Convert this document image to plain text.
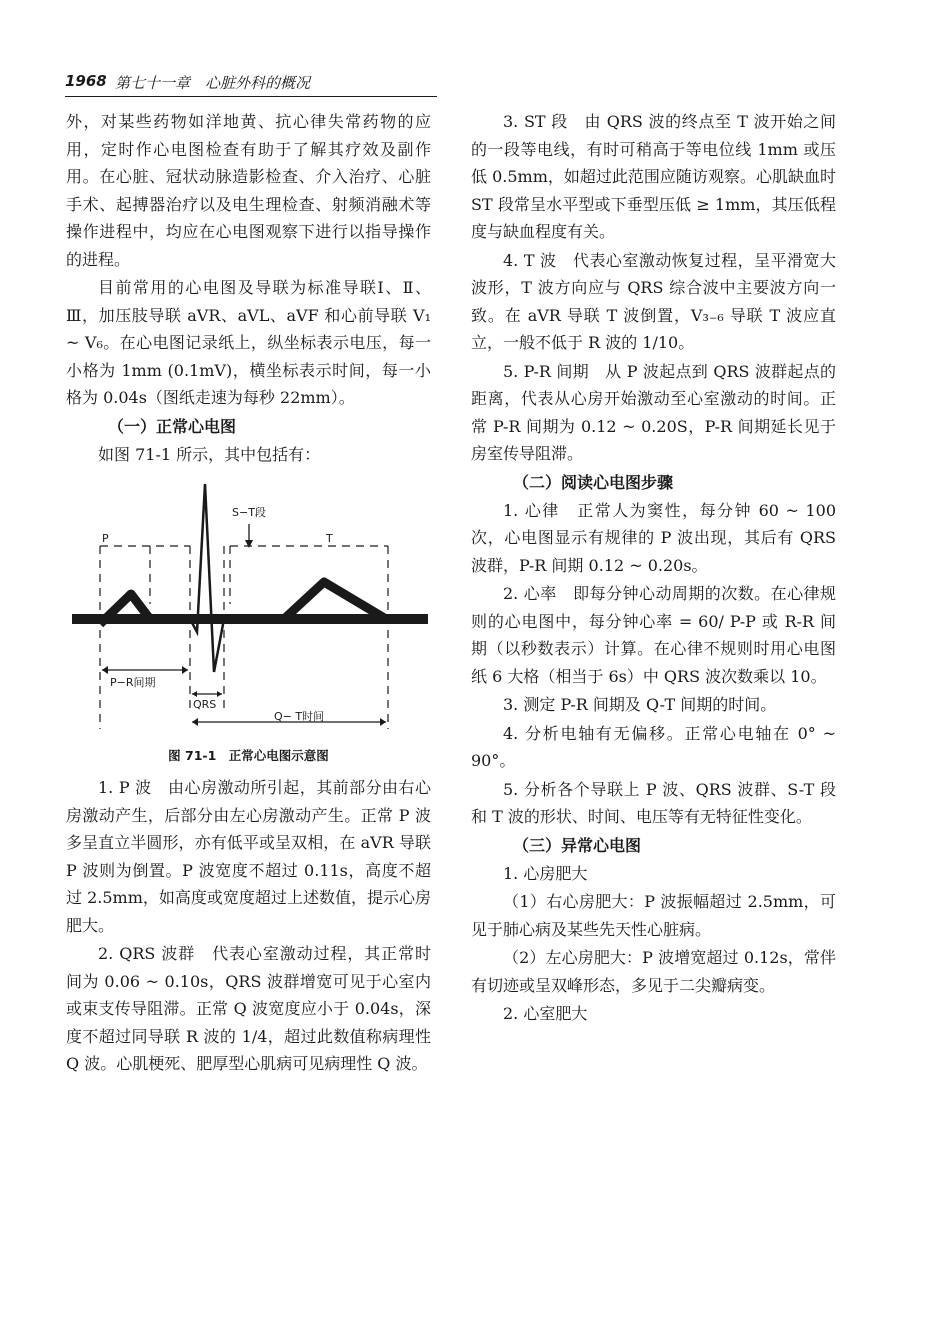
1968 第七十一章　心脏外科的概况

外，对某些药物如洋地黄、抗心律失常药物的应用，定时作心电图检查有助于了解其疗效及副作用。在心脏、冠状动脉造影检查、介入治疗、心脏手术、起搏器治疗以及电生理检查、射频消融术等操作进程中，均应在心电图观察下进行以指导操作的进程。

目前常用的心电图及导联为标准导联Ⅰ、Ⅱ、Ⅲ，加压肢导联 aVR、aVL、aVF 和心前导联 V₁ ~ V₆。在心电图记录纸上，纵坐标表示电压，每一小格为 1mm (0.1mV)，横坐标表示时间，每一小格为 0.04s（图纸走速为每秒 22mm）。

（一）正常心电图

如图 71-1 所示，其中包括有：

S−T段
P	T
P−R间期
QRS
Q− T时间
图 71-1　正常心电图示意图

1. P 波　由心房激动所引起，其前部分由右心房激动产生，后部分由左心房激动产生。正常 P 波多呈直立半圆形，亦有低平或呈双相，在 aVR 导联 P 波则为倒置。P 波宽度不超过 0.11s，高度不超过 2.5mm，如高度或宽度超过上述数值，提示心房肥大。

2. QRS 波群　代表心室激动过程，其正常时间为 0.06 ~ 0.10s，QRS 波群增宽可见于心室内或束支传导阻滞。正常 Q 波宽度应小于 0.04s，深度不超过同导联 R 波的 1/4，超过此数值称病理性 Q 波。心肌梗死、肥厚型心肌病可见病理性 Q 波。

3. ST 段　由 QRS 波的终点至 T 波开始之间的一段等电线，有时可稍高于等电位线 1mm 或压低 0.5mm，如超过此范围应随访观察。心肌缺血时 ST 段常呈水平型或下垂型压低 ≥ 1mm，其压低程度与缺血程度有关。

4. T 波　代表心室激动恢复过程，呈平滑宽大波形，T 波方向应与 QRS 综合波中主要波方向一致。在 aVR 导联 T 波倒置，V₃₋₆ 导联 T 波应直立，一般不低于 R 波的 1/10。

5. P-R 间期　从 P 波起点到 QRS 波群起点的距离，代表从心房开始激动至心室激动的时间。正常 P-R 间期为 0.12 ~ 0.20S，P-R 间期延长见于房室传导阻滞。

（二）阅读心电图步骤

1. 心律　正常人为窦性，每分钟 60 ~ 100 次，心电图显示有规律的 P 波出现，其后有 QRS 波群，P-R 间期 0.12 ~ 0.20s。

2. 心率　即每分钟心动周期的次数。在心律规则的心电图中，每分钟心率 = 60/ P-P 或 R-R 间期（以秒数表示）计算。在心律不规则时用心电图纸 6 大格（相当于 6s）中 QRS 波次数乘以 10。

3. 测定 P-R 间期及 Q-T 间期的时间。

4. 分析电轴有无偏移。正常心电轴在 0° ~ 90°。

5. 分析各个导联上 P 波、QRS 波群、S-T 段和 T 波的形状、时间、电压等有无特征性变化。

（三）异常心电图

1. 心房肥大

（1）右心房肥大：P 波振幅超过 2.5mm，可见于肺心病及某些先天性心脏病。

（2）左心房肥大：P 波增宽超过 0.12s，常伴有切迹或呈双峰形态，多见于二尖瓣病变。

2. 心室肥大
